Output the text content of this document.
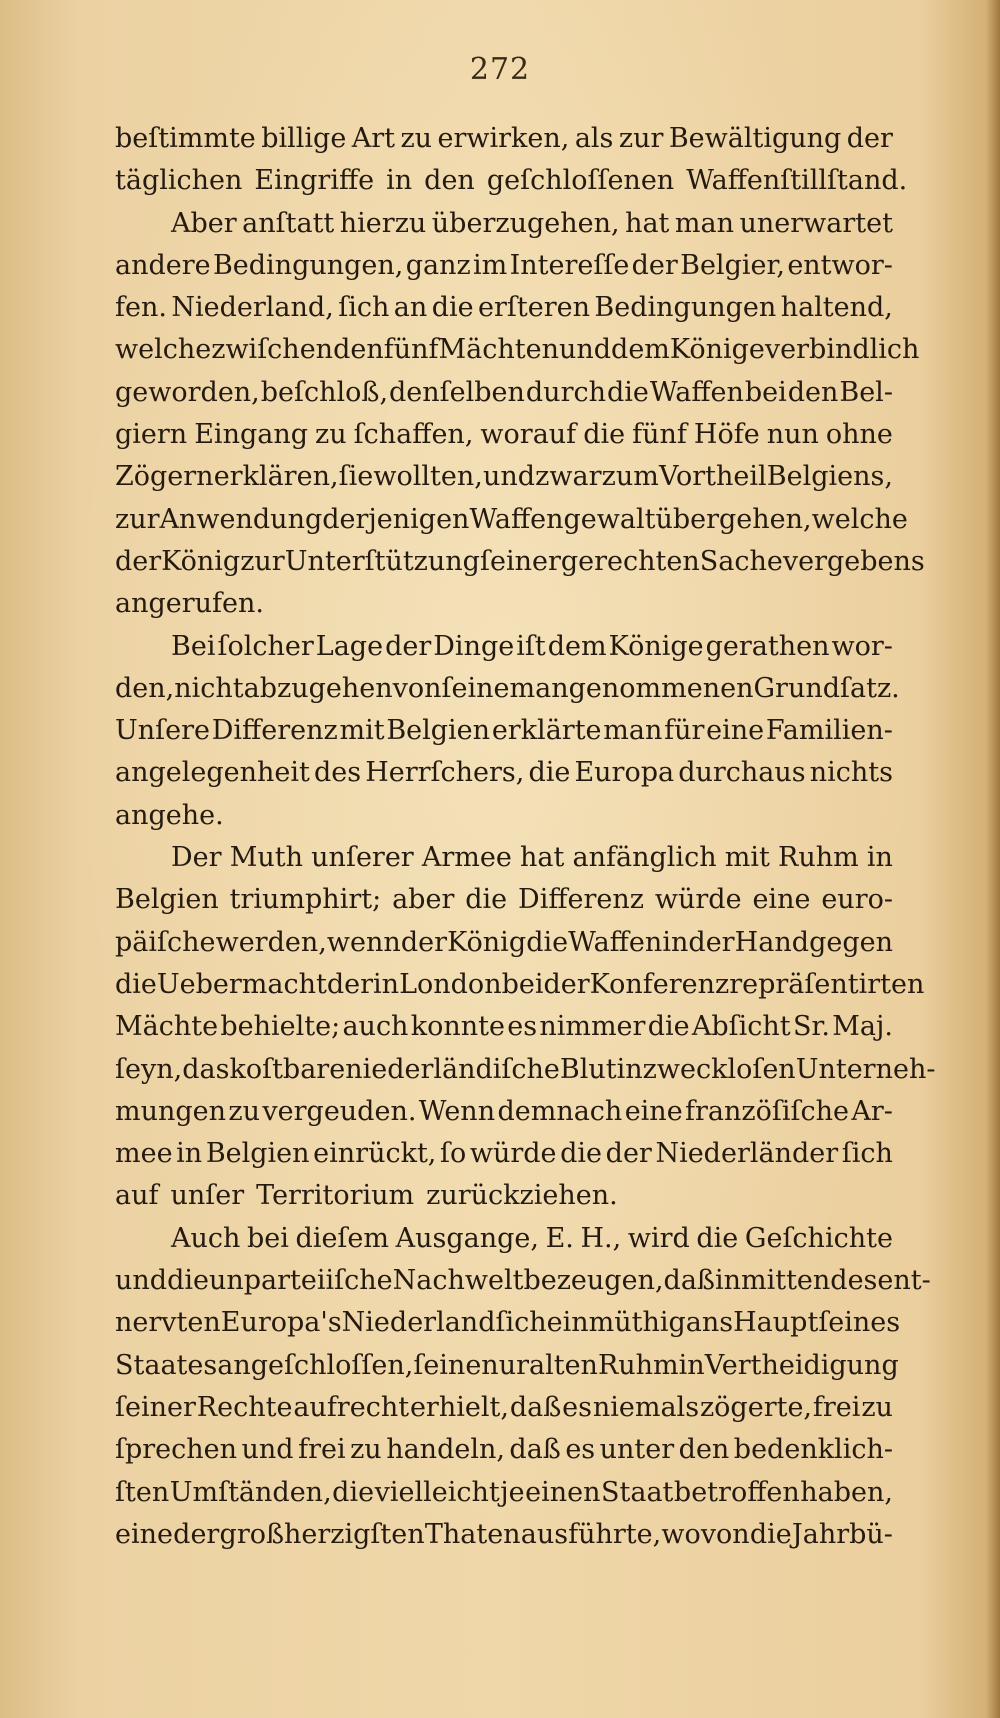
272
beſtimmte billige Art zu erwirken, als zur Bewältigung der
täglichen Eingriffe in den geſchloſſenen Waffenſtillſtand.
Aber anſtatt hierzu überzugehen, hat man unerwartet
andere Bedingungen, ganz im Intereſſe der Belgier, entwor-
fen. Niederland, ſich an die erſteren Bedingungen haltend,
welche zwiſchen den fünf Mächten und dem Könige verbindlich
geworden, beſchloß, denſelben durch die Waffen bei den Bel-
giern Eingang zu ſchaffen, worauf die fünf Höfe nun ohne
Zögern erklären, ſie wollten, und zwar zum Vortheil Belgiens,
zur Anwendung derjenigen Waffengewalt übergehen, welche
der König zur Unterſtützung ſeiner gerechten Sache vergebens
angerufen.
Bei ſolcher Lage der Dinge iſt dem Könige gerathen wor-
den, nicht abzugehen von ſeinem angenommenen Grundſatz.
Unſere Differenz mit Belgien erklärte man für eine Familien-
angelegenheit des Herrſchers, die Europa durchaus nichts
angehe.
Der Muth unſerer Armee hat anfänglich mit Ruhm in
Belgien triumphirt; aber die Differenz würde eine euro-
päiſche werden, wenn der König die Waffen in der Hand gegen
die Uebermacht der in London bei der Konferenz repräſentirten
Mächte behielte; auch konnte es nimmer die Abſicht Sr. Maj.
ſeyn, das koſtbare niederländiſche Blut in zweckloſen Unterneh-
mungen zu vergeuden. Wenn demnach eine franzöſiſche Ar-
mee in Belgien einrückt, ſo würde die der Niederländer ſich
auf unſer Territorium zurückziehen.
Auch bei dieſem Ausgange, E. H., wird die Geſchichte
und die unparteiiſche Nachwelt bezeugen, daß inmitten des ent-
nervten Europa's Niederland ſich einmüthig ans Haupt ſeines
Staates angeſchloſſen, ſeinen uralten Ruhm in Vertheidigung
ſeiner Rechte aufrecht erhielt, daß es niemals zögerte, frei zu
ſprechen und frei zu handeln, daß es unter den bedenklich-
ſten Umſtänden, die vielleicht je einen Staat betroffen haben,
eine der großherzigſten Thaten ausführte, wovon die Jahrbü-
